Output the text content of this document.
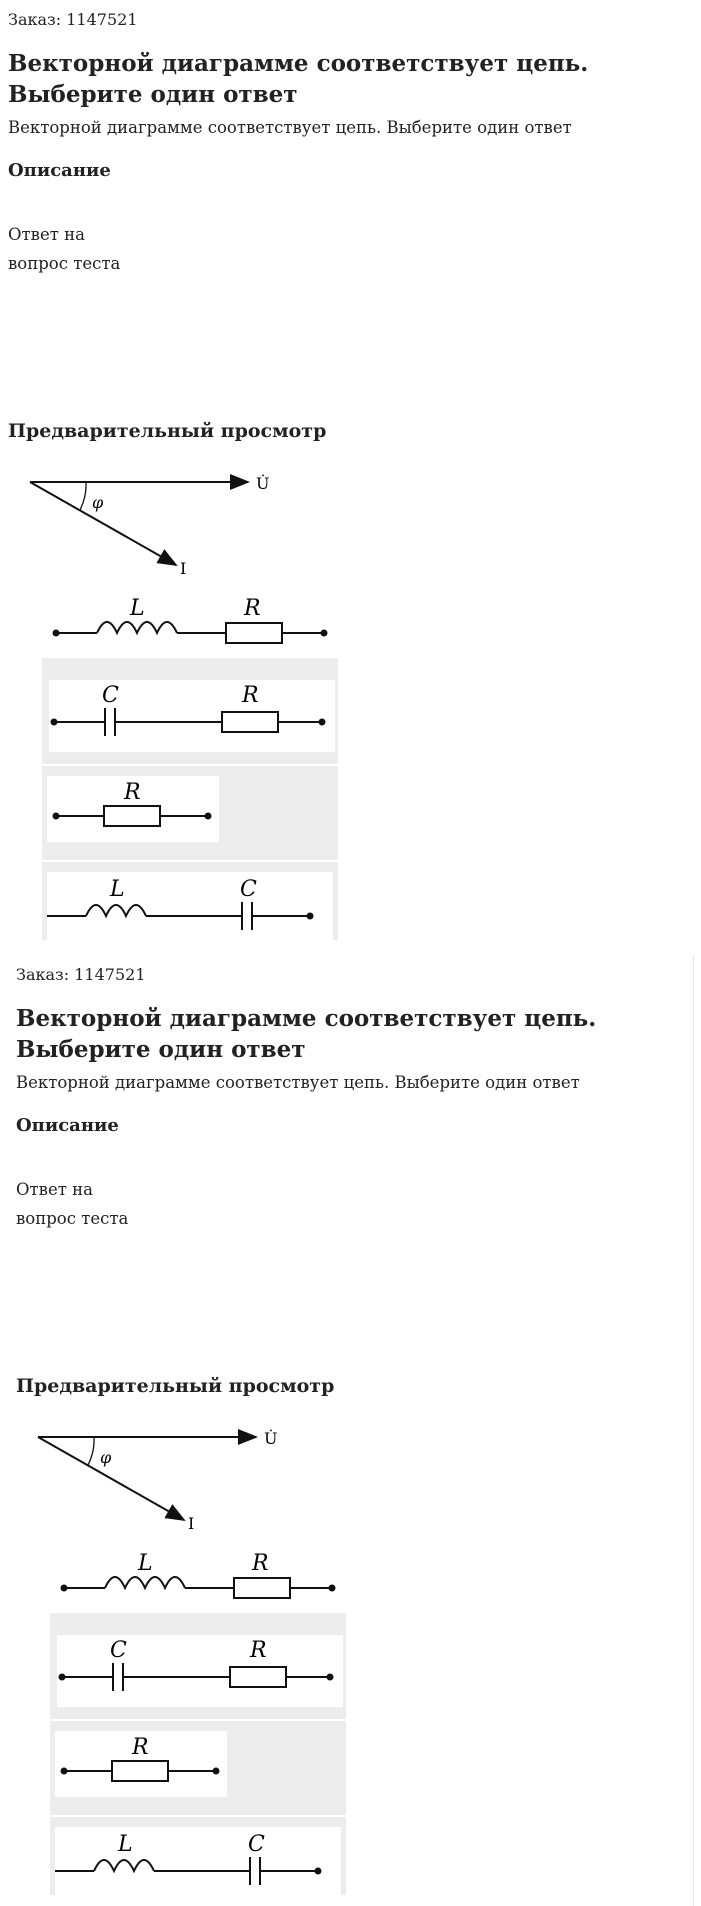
Заказ: 1147521
Векторной диаграмме соответствует цепь. Выберите один ответ
Векторной диаграмме соответствует цепь. Выберите один ответ
Описание
Ответ на
вопрос теста
Предварительный просмотр
U̇
I
φ
L	R
C	R
R
L	C
Заказ: 1147521
Векторной диаграмме соответствует цепь. Выберите один ответ
Векторной диаграмме соответствует цепь. Выберите один ответ
Описание
Ответ на
вопрос теста
Предварительный просмотр
U̇
I
φ
L	R
C	R
R
L	C
